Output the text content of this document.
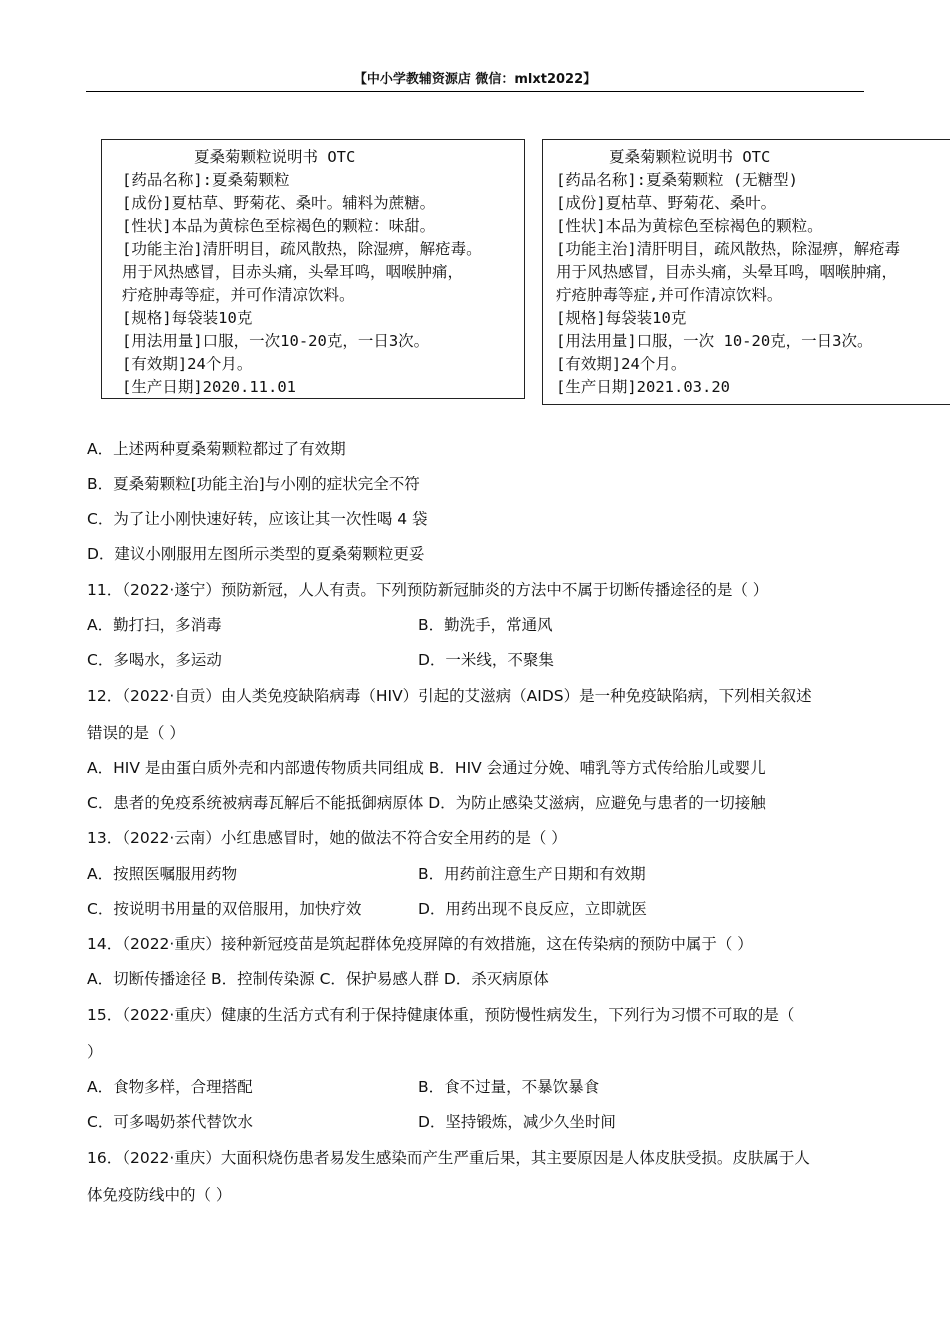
【中小学教辅资源店 微信：mlxt2022】
夏桑菊颗粒说明书 OTC
[药品名称]:夏桑菊颗粒
[成份]夏枯草、野菊花、桑叶。辅料为蔗糖。
[性状]本品为黄棕色至棕褐色的颗粒：味甜。
[功能主治]清肝明目，疏风散热，除湿痹，解疮毒。
用于风热感冒，目赤头痛，头晕耳鸣，咽喉肿痛，
疔疮肿毒等症，并可作清凉饮料。
[规格]每袋装10克
[用法用量]口服，一次10-20克，一日3次。
[有效期]24个月。
[生产日期]2020.11.01
夏桑菊颗粒说明书 OTC
[药品名称]:夏桑菊颗粒 (无糖型)
[成份]夏枯草、野菊花、桑叶。
[性状]本品为黄棕色至棕褐色的颗粒。
[功能主治]清肝明目，疏风散热，除湿痹，解疮毒
用于风热感冒，目赤头痛，头晕耳鸣，咽喉肿痛，
疔疮肿毒等症,并可作清凉饮料。
[规格]每袋装10克
[用法用量]口服，一次 10-20克，一日3次。
[有效期]24个月。
[生产日期]2021.03.20
A．上述两种夏桑菊颗粒都过了有效期
B．夏桑菊颗粒[功能主治]与小刚的症状完全不符
C．为了让小刚快速好转，应该让其一次性喝 4 袋
D．建议小刚服用左图所示类型的夏桑菊颗粒更妥
11．（2022·遂宁）预防新冠，人人有责。下列预防新冠肺炎的方法中不属于切断传播途径的是（ ）
A．勤打扫，多消毒	B．勤洗手，常通风
C．多喝水，多运动	D．一米线，不聚集
12．（2022·自贡）由人类免疫缺陷病毒（HIV）引起的艾滋病（AIDS）是一种免疫缺陷病，下列相关叙述
错误的是（ ）
A．HIV 是由蛋白质外壳和内部遗传物质共同组成 B．HIV 会通过分娩、哺乳等方式传给胎儿或婴儿
C．患者的免疫系统被病毒瓦解后不能抵御病原体 D．为防止感染艾滋病，应避免与患者的一切接触
13．（2022·云南）小红患感冒时，她的做法不符合安全用药的是（ ）
A．按照医嘱服用药物	B．用药前注意生产日期和有效期
C．按说明书用量的双倍服用，加快疗效	D．用药出现不良反应，立即就医
14．（2022·重庆）接种新冠疫苗是筑起群体免疫屏障的有效措施，这在传染病的预防中属于（ ）
A．切断传播途径 B．控制传染源 C．保护易感人群 D．杀灭病原体
15．（2022·重庆）健康的生活方式有利于保持健康体重，预防慢性病发生，下列行为习惯不可取的是（
）
A．食物多样，合理搭配	B．食不过量，不暴饮暴食
C．可多喝奶茶代替饮水	D．坚持锻炼，减少久坐时间
16．（2022·重庆）大面积烧伤患者易发生感染而产生严重后果，其主要原因是人体皮肤受损。皮肤属于人
体免疫防线中的（ ）
